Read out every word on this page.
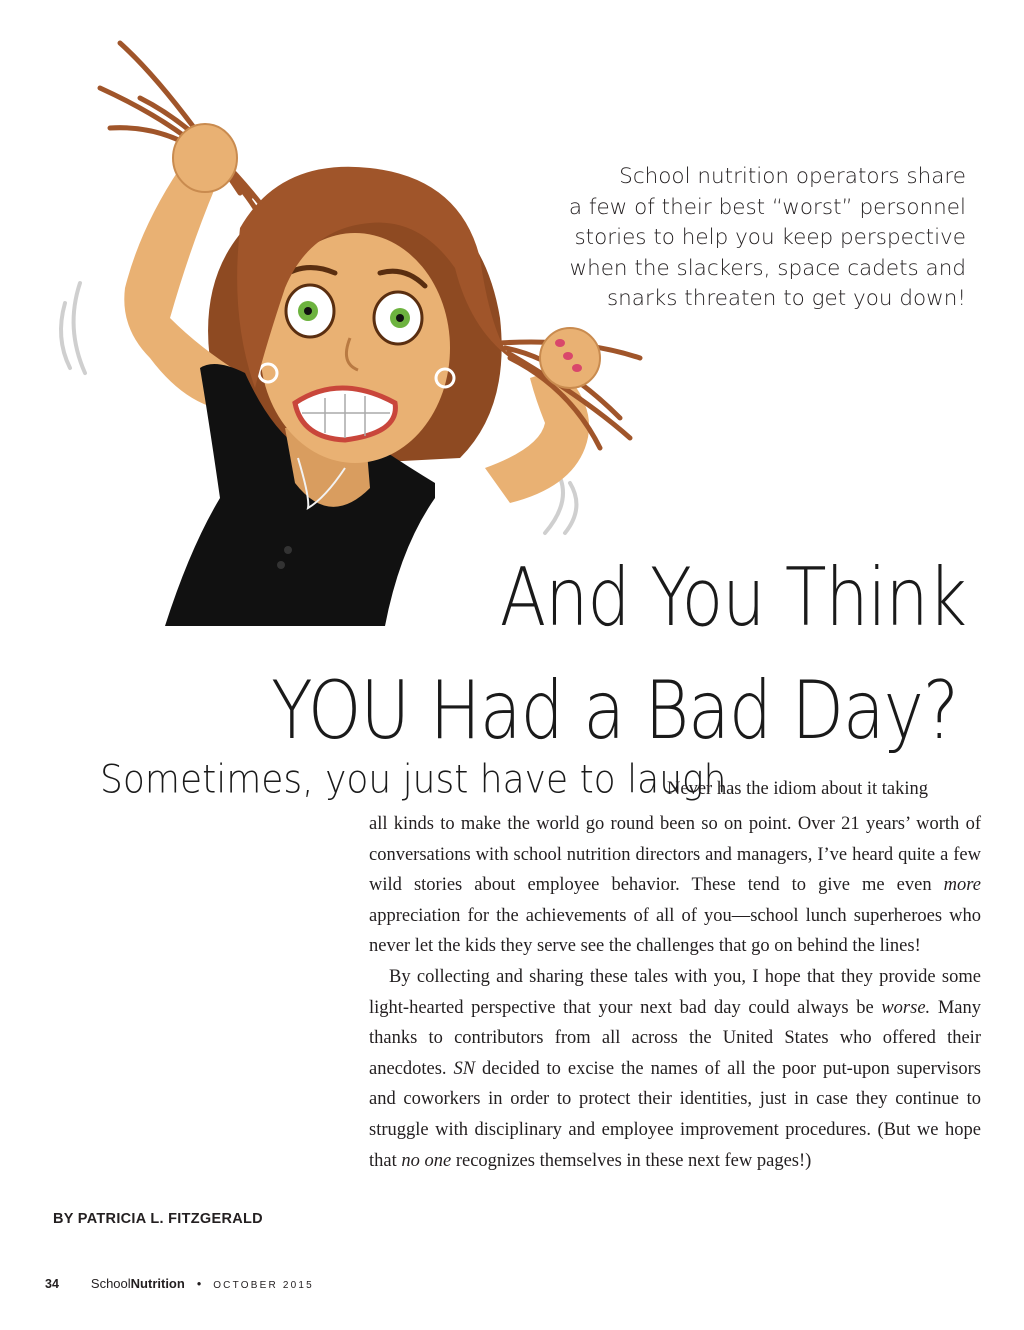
School nutrition operators share
a few of their best “worst” personnel
stories to help you keep perspective
when the slackers, space cadets and
snarks threaten to get you down!
And You Think
YOU Had a Bad Day?
Sometimes, you just have to laugh.
Never has the idiom about it taking

all kinds to make the world go round been so on point. Over 21 years’ worth of conversations with school nutrition directors and managers, I’ve heard quite a few wild stories about employee behavior. These tend to give me even more appreciation for the achievements of all of you—school lunch superheroes who never let the kids they serve see the challenges that go on behind the lines!

By collecting and sharing these tales with you, I hope that they provide some light-hearted perspective that your next bad day could always be worse. Many thanks to contributors from all across the United States who offered their anecdotes. SN decided to excise the names of all the poor put-upon supervisors and coworkers in order to protect their identities, just in case they continue to struggle with disciplinary and employee improvement procedures. (But we hope that no one recognizes themselves in these next few pages!)

BY PATRICIA L. FITZGERALD
34 School Nutrition • OCTOBER 2015
